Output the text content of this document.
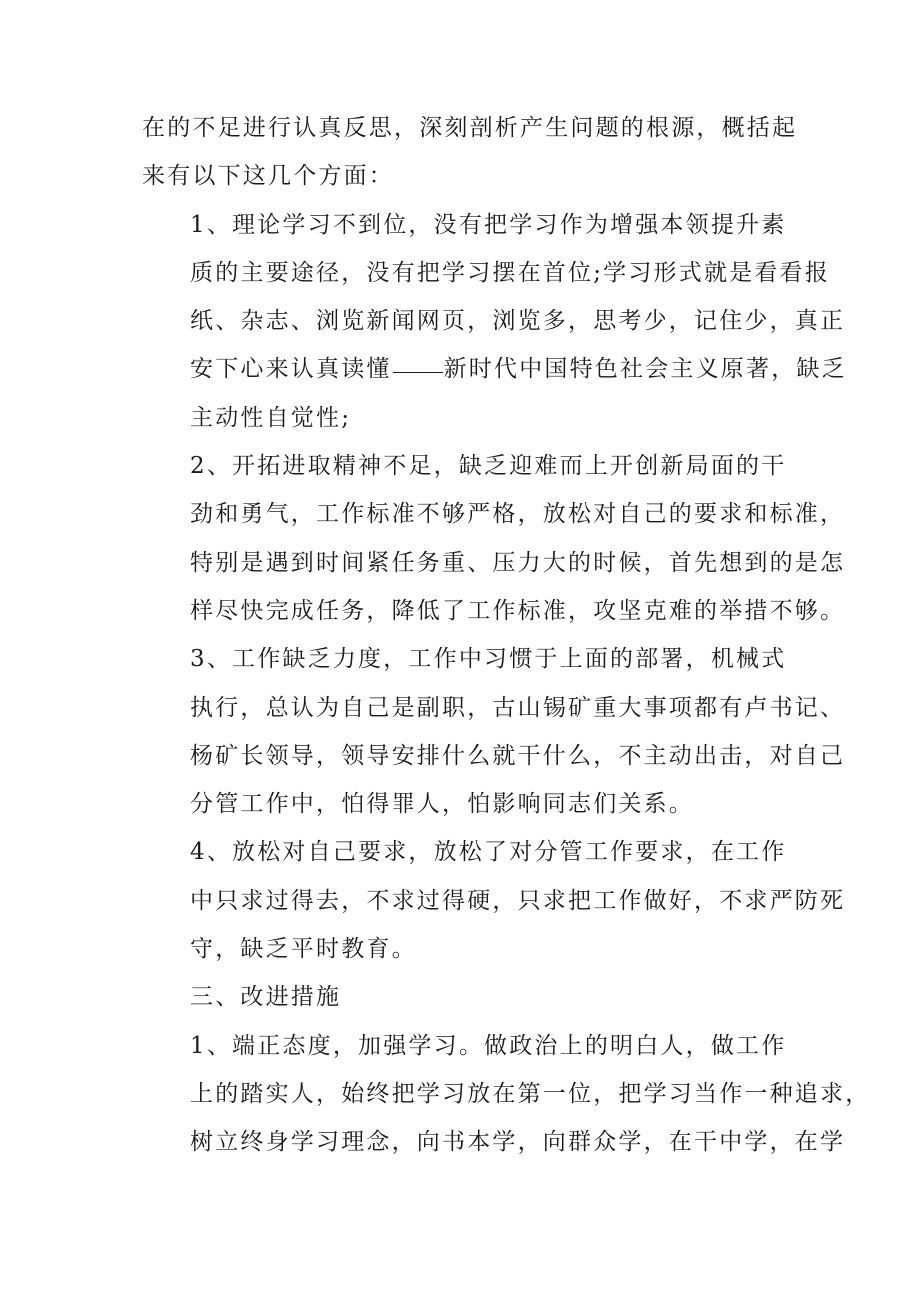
在的不足进行认真反思，深刻剖析产生问题的根源，概括起
来有以下这几个方面：

1、理论学习不到位，没有把学习作为增强本领提升素
质的主要途径，没有把学习摆在首位;学习形式就是看看报
纸、杂志、浏览新闻网页，浏览多，思考少，记住少，真正
安下心来认真读懂 新时代中国特色社会主义原著，缺乏
主动性自觉性;

2、开拓进取精神不足，缺乏迎难而上开创新局面的干
劲和勇气，工作标准不够严格，放松对自己的要求和标准，
特别是遇到时间紧任务重、压力大的时候，首先想到的是怎
样尽快完成任务，降低了工作标准，攻坚克难的举措不够。

3、工作缺乏力度，工作中习惯于上面的部署，机械式
执行，总认为自己是副职，古山锡矿重大事项都有卢书记、
杨矿长领导，领导安排什么就干什么，不主动出击，对自己
分管工作中，怕得罪人，怕影响同志们关系。

4、放松对自己要求，放松了对分管工作要求，在工作
中只求过得去，不求过得硬，只求把工作做好，不求严防死
守，缺乏平时教育。

三、改进措施

1、端正态度，加强学习。做政治上的明白人，做工作
上的踏实人，始终把学习放在第一位，把学习当作一种追求，
树立终身学习理念，向书本学，向群众学，在干中学，在学
